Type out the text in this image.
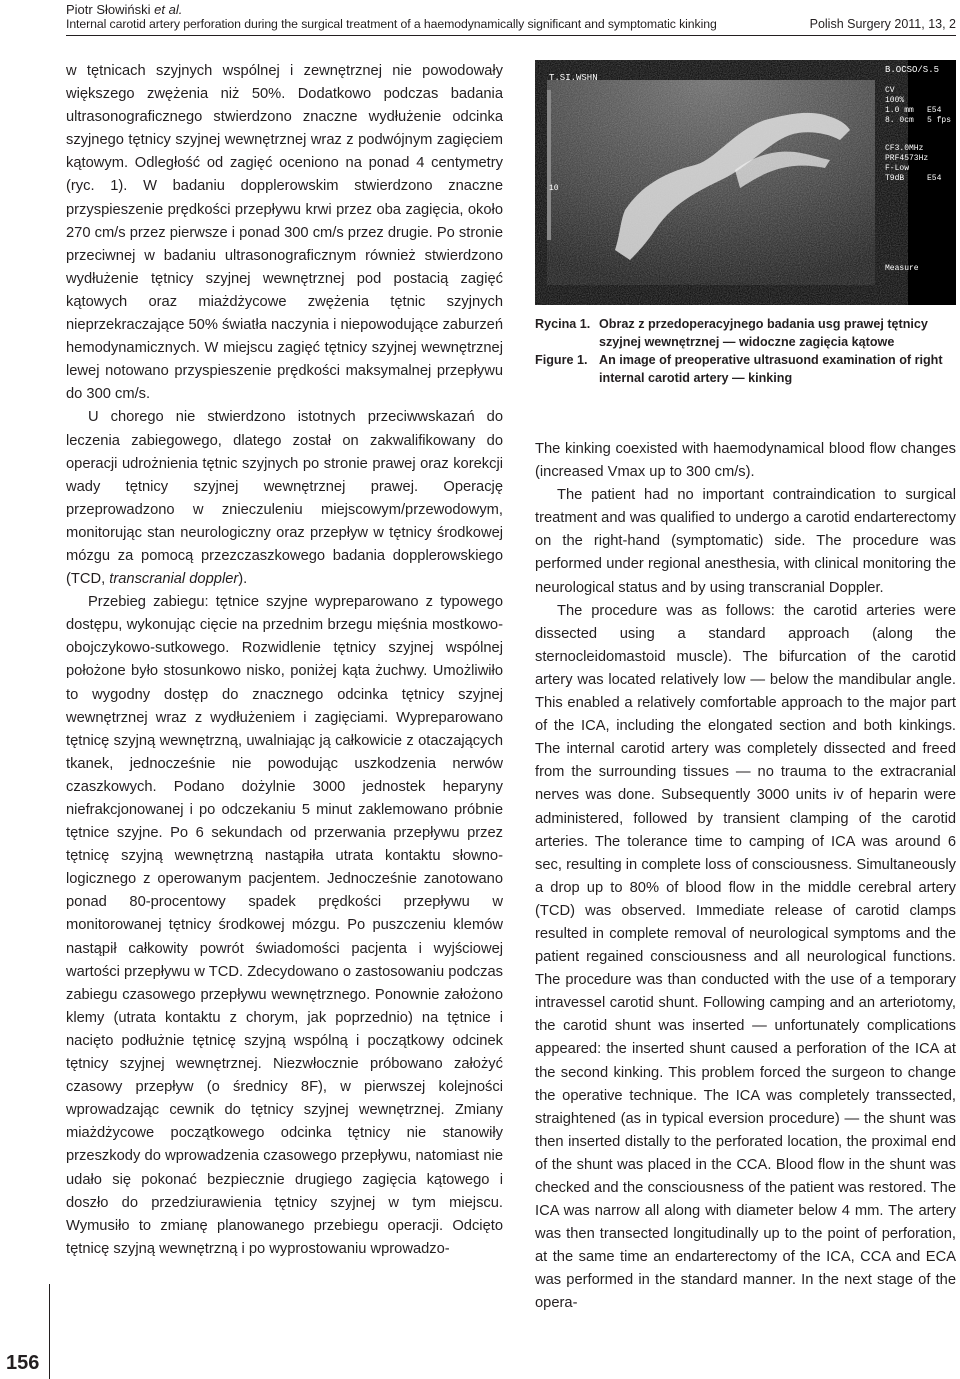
Piotr Słowiński et al.
Internal carotid artery perforation during the surgical treatment of a haemodynamically significant and symptomatic kinking	Polish Surgery 2011, 13, 2

w tętnicach szyjnych wspólnej i zewnętrznej nie powodowały większego zwężenia niż 50%. Dodatkowo podczas badania ultrasonograficznego stwierdzono znaczne wydłużenie odcinka szyjnego tętnicy szyjnej wewnętrznej wraz z podwójnym zagięciem kątowym. Odległość od zagięć oceniono na ponad 4 centymetry (ryc. 1). W badaniu dopplerowskim stwierdzono znaczne przyspieszenie prędkości przepływu krwi przez oba zagięcia, około 270 cm/s przez pierwsze i ponad 300 cm/s przez drugie. Po stronie przeciwnej w badaniu ultrasonograficznym również stwierdzono wydłużenie tętnicy szyjnej wewnętrznej pod postacią zagięć kątowych oraz miażdżycowe zwężenia tętnic szyjnych nieprzekraczające 50% światła naczynia i niepowodujące zaburzeń hemodynamicznych. W miejscu zagięć tętnicy szyjnej wewnętrznej lewej notowano przyspieszenie prędkości maksymalnej przepływu do 300 cm/s.

U chorego nie stwierdzono istotnych przeciwwskazań do leczenia zabiegowego, dlatego został on zakwalifikowany do operacji udrożnienia tętnic szyjnych po stronie prawej oraz korekcji wady tętnicy szyjnej wewnętrznej prawej. Operację przeprowadzono w znieczuleniu miejscowym/przewodowym, monitorując stan neurologiczny oraz przepływ w tętnicy środkowej mózgu za pomocą przezczaszkowego badania dopplerowskiego (TCD, transcranial doppler).

Przebieg zabiegu: tętnice szyjne wypreparowano z typowego dostępu, wykonując cięcie na przednim brzegu mięśnia mostkowo-obojczykowo-sutkowego. Rozwidlenie tętnicy szyjnej wspólnej położone było stosunkowo nisko, poniżej kąta żuchwy. Umożliwiło to wygodny dostęp do znacznego odcinka tętnicy szyjnej wewnętrznej wraz z wydłużeniem i zagięciami. Wypreparowano tętnicę szyjną wewnętrzną, uwalniając ją całkowicie z otaczających tkanek, jednocześnie nie powodując uszkodzenia nerwów czaszkowych. Podano dożylnie 3000 jednostek heparyny niefrakcjonowanej i po odczekaniu 5 minut zaklemowano próbnie tętnice szyjne. Po 6 sekundach od przerwania przepływu przez tętnicę szyjną wewnętrzną nastąpiła utrata kontaktu słowno-logicznego z operowanym pacjentem. Jednocześnie zanotowano ponad 80-procentowy spadek prędkości przepływu w monitorowanej tętnicy środkowej mózgu. Po puszczeniu klemów nastąpił całkowity powrót świadomości pacjenta i wyjściowej wartości przepływu w TCD. Zdecydowano o zastosowaniu podczas zabiegu czasowego przepływu wewnętrznego. Ponownie założono klemy (utrata kontaktu z chorym, jak poprzednio) na tętnice i nacięto podłużnie tętnicę szyjną wspólną i początkowy odcinek tętnicy szyjnej wewnętrznej. Niezwłocznie próbowano założyć czasowy przepływ (o średnicy 8F), w pierwszej kolejności wprowadzając cewnik do tętnicy szyjnej wewnętrznej. Zmiany miażdżycowe początkowego odcinka tętnicy nie stanowiły przeszkody do wprowadzenia czasowego przepływu, natomiast nie udało się pokonać bezpiecznie drugiego zagięcia kątowego i doszło do przedziurawienia tętnicy szyjnej w tym miejscu. Wymusiło to zmianę planowanego przebiegu operacji. Odcięto tętnicę szyjną wewnętrzną i po wyprostowaniu wprowadzo-

T.SI.WSHN
10
B.OCSO/S.5
CV
100%
1.0 mm
8. 0cm
E54
5 fps
CF3.0MHz
PRF4573Hz
F-Low
T9dB	E54
Measure
Rycina 1. Obraz z przedoperacyjnego badania usg prawej tętnicy szyjnej wewnętrznej — widoczne zagięcia kątowe
Figure 1. An image of preoperative ultrasuond examination of right internal carotid artery — kinking

The kinking coexisted with haemodynamical blood flow changes (increased Vmax up to 300 cm/s).

The patient had no important contraindication to surgical treatment and was qualified to undergo a carotid endarterectomy on the right-hand (symptomatic) side. The procedure was performed under regional anesthesia, with clinical monitoring the neurological status and by using transcranial Doppler.

The procedure was as follows: the carotid arteries were dissected using a standard approach (along the sternocleidomastoid muscle). The bifurcation of the carotid artery was located relatively low — below the mandibular angle. This enabled a relatively comfortable approach to the major part of the ICA, including the elongated section and both kinkings. The internal carotid artery was completely dissected and freed from the surrounding tissues — no trauma to the extracranial nerves was done. Subsequently 3000 units iv of heparin were administered, followed by transient clamping of the carotid arteries. The tolerance time to camping of ICA was around 6 sec, resulting in complete loss of consciousness. Simultaneously a drop up to 80% of blood flow in the middle cerebral artery (TCD) was observed. Immediate release of carotid clamps resulted in complete removal of neurological symptoms and the patient regained consciousness and all neurological functions. The procedure was than conducted with the use of a temporary intravessel carotid shunt. Following camping and an arteriotomy, the carotid shunt was inserted — unfortunately complications appeared: the inserted shunt caused a perforation of the ICA at the second kinking. This problem forced the surgeon to change the operative technique. The ICA was completely transsected, straightened (as in typical eversion procedure) — the shunt was then inserted distally to the perforated location, the proximal end of the shunt was placed in the CCA. Blood flow in the shunt was checked and the consciousness of the patient was restored. The ICA was narrow all along with diameter below 4 mm. The artery was then transected longitudinally up to the point of perforation, at the same time an endarterectomy of the ICA, CCA and ECA was performed in the standard manner. In the next stage of the opera-

156
